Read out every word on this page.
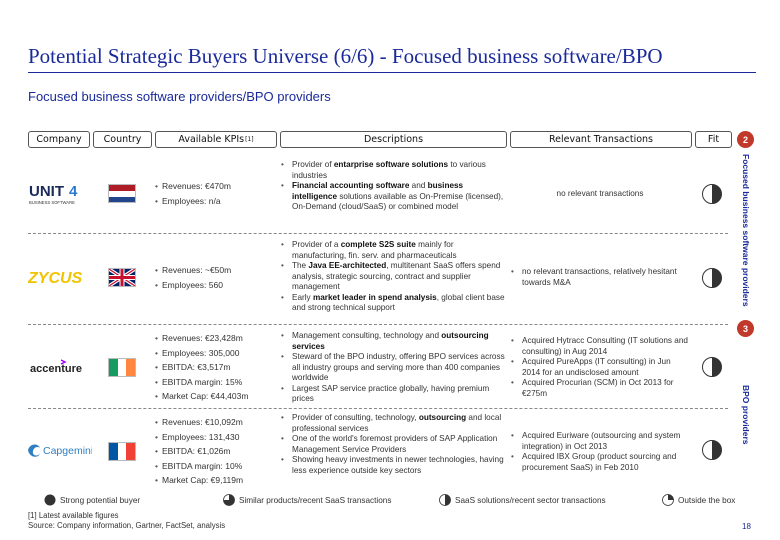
Potential Strategic Buyers Universe (6/6) - Focused business software/BPO
Focused business software providers/BPO providers
Company	Country	Available KPIs [1]	Descriptions	Relevant Transactions	Fit	2
Focused business software providers
3
BPO providers
UNIT 4
BUSINESS SOFTWARE
• Revenues: €470m
• Employees: n/a
• Provider of entarprise software solutions to various industries
• Financial accounting software and business intelligence solutions available as On-Premise (licensed), On-Demand (cloud/SaaS) or combined model
no relevant transactions
ZYCUS
•	Revenues: ~€50m
• Employees: 560
• Provider of a complete S2S suite mainly for manufacturing, fin. serv. and pharmaceuticals
• The Java EE-architected, multitenant SaaS offers spend analysis, strategic sourcing, contract and supplier management
• Early market leader in spend analysis, global client base and strong technical support
• no relevant transactions, relatively hesitant towards M&A
accenture
• Revenues: €23,428m
• Employees: 305,000
• EBITDA: €3,517m
• EBITDA margin: 15%
• Market Cap: €44,403m
• Management consulting, technology and outsourcing services
• Steward of the BPO industry, offering BPO services across all industry groups and serving more than 400 companies worldwide
• Largest SAP service practice globally, having premium prices
• Acquired Hytracc Consulting (IT solutions and consulting) in Aug 2014
• Acquired PureApps (IT consulting) in Jun 2014 for an undisclosed amount
• Acquired Procurian (SCM) in Oct 2013 for €275m
Capgemini
• Revenues: €10,092m
• Employees: 131,430
• EBITDA: €1,026m
• EBITDA margin: 10%
• Market Cap: €9,119m
• Provider of consulting, technology, outsourcing and local professional services
• One of the world's foremost providers of SAP Application Management Service Providers
• Showing heavy investments in newer technologies, having less experience outside key sectors
• Acquired Euriware (outsourcing and system integration) in Oct 2013
• Acquired IBX Group (product sourcing and procurement SaaS) in Feb 2010
Strong potential buyer	Similar products/recent SaaS transactions	SaaS solutions/recent sector transactions	Outside the box
[1] Latest available figures
Source: Company information, Gartner, FactSet, analysis	18
